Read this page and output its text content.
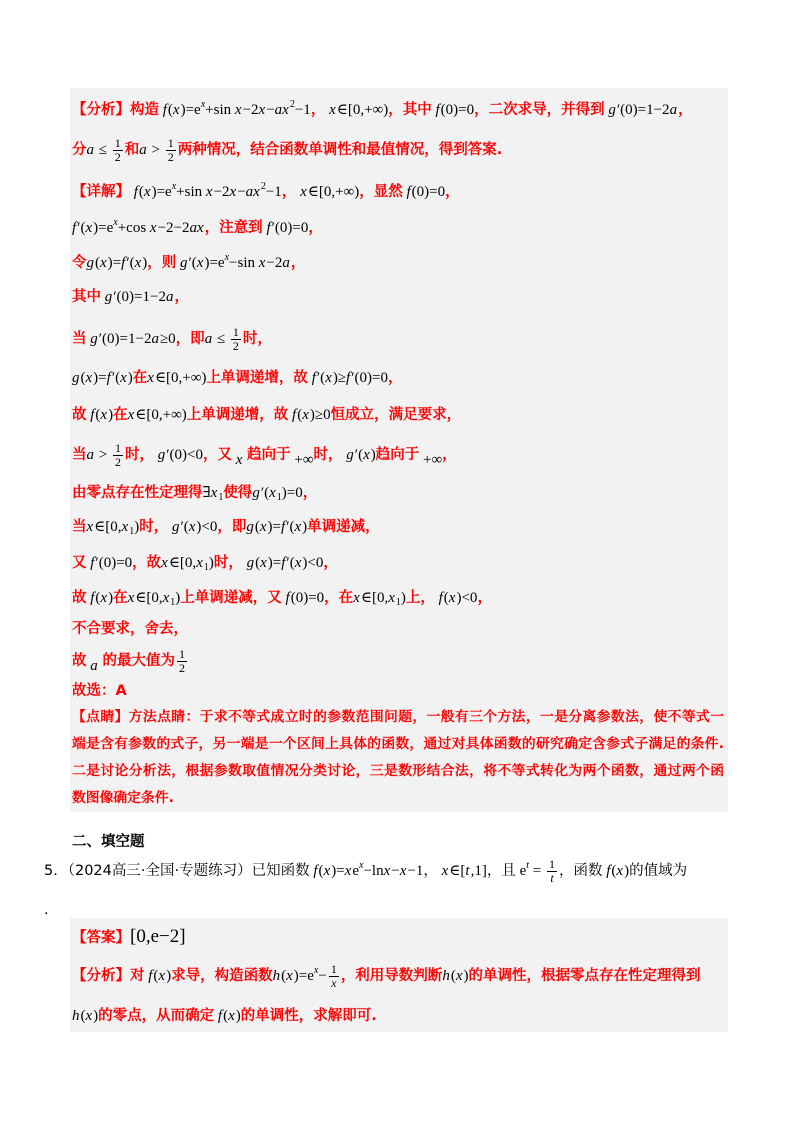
【点睛】方法点睛：于求不等式成立时的参数范围问题，一般有三个方法，一是分离参数法，使不等式一
端是含有参数的式子，另一端是一个区间上具体的函数，通过对具体函数的研究确定含参式子满足的条件.
二是讨论分析法，根据参数取值情况分类讨论，三是数形结合法，将不等式转化为两个函数，通过两个函
数图像确定条件.
【分析】构造 $f(x)=e^x+\sin$ $x-2x-ax^2-1$， x∈[0,+∞)，其中 f(0)=0，二次求导，并得到 g′(0)=1−2a，
分$a \le \frac{1}{2}$ 和$a > \frac{1}{2}$ 两种情况，结合函数单调性和最值情况，得到答案.
【详解】 $f(x)=e^x+\sin$ $x-2x-ax^2-1$， x∈[0,+∞)，显然 f(0)=0，
$f'(x)=e^x+\cos$ x−2−2ax，注意到 f′(0)=0，
令g(x)=f′(x)，则 $g'(x)=e^x-\sin$ x−2a，
其中 g′(0)=1−2a，
当 g′(0)=1−2a≥0，即$a \le \frac{1}{2}$ 时，
g(x)=f′(x)在x∈[0,+∞)上单调递增，故 f′(x)≥f′(0)=0，
故 f(x)在x∈[0,+∞)上单调递增，故 f(x)≥0恒成立，满足要求，
当$a > \frac{1}{2}$ 时， g′(0)<0，又 x 趋向于 +∞时， g′(x)趋向于 +∞，
由零点存在性定理得$\exists x_1$使得$g'(x_1)=0$，
当$x\in[0,x_1)$时， g′(x)<0，即g(x)=f′(x)单调递减，
又 f′(0)=0，故$x\in[0,x_1)$时， g(x)=f′(x)<0，
故 f(x)在$x\in[0,x_1)$上单调递减，又 f(0)=0，在$x\in[0,x_1)$上， f(x)<0，
不合要求，舍去，
故 a 的最大值为 $\frac{1}{2}$
故选：A
二、填空题
5．（2024高三·全国·专题练习）已知函数 $f(x)=xe^x-\ln x-x-1$， x∈[t,1]，且 $e^t = \frac{1}{t}$ ，函数 f(x)的值域为
.
【答案】[0,e−2]
【分析】对 f(x)求导，构造函数$h(x)=e^x- \frac{1}{x}$ ，利用导数判断h(x)的单调性，根据零点存在性定理得到
h(x)的零点，从而确定 f(x)的单调性，求解即可.
